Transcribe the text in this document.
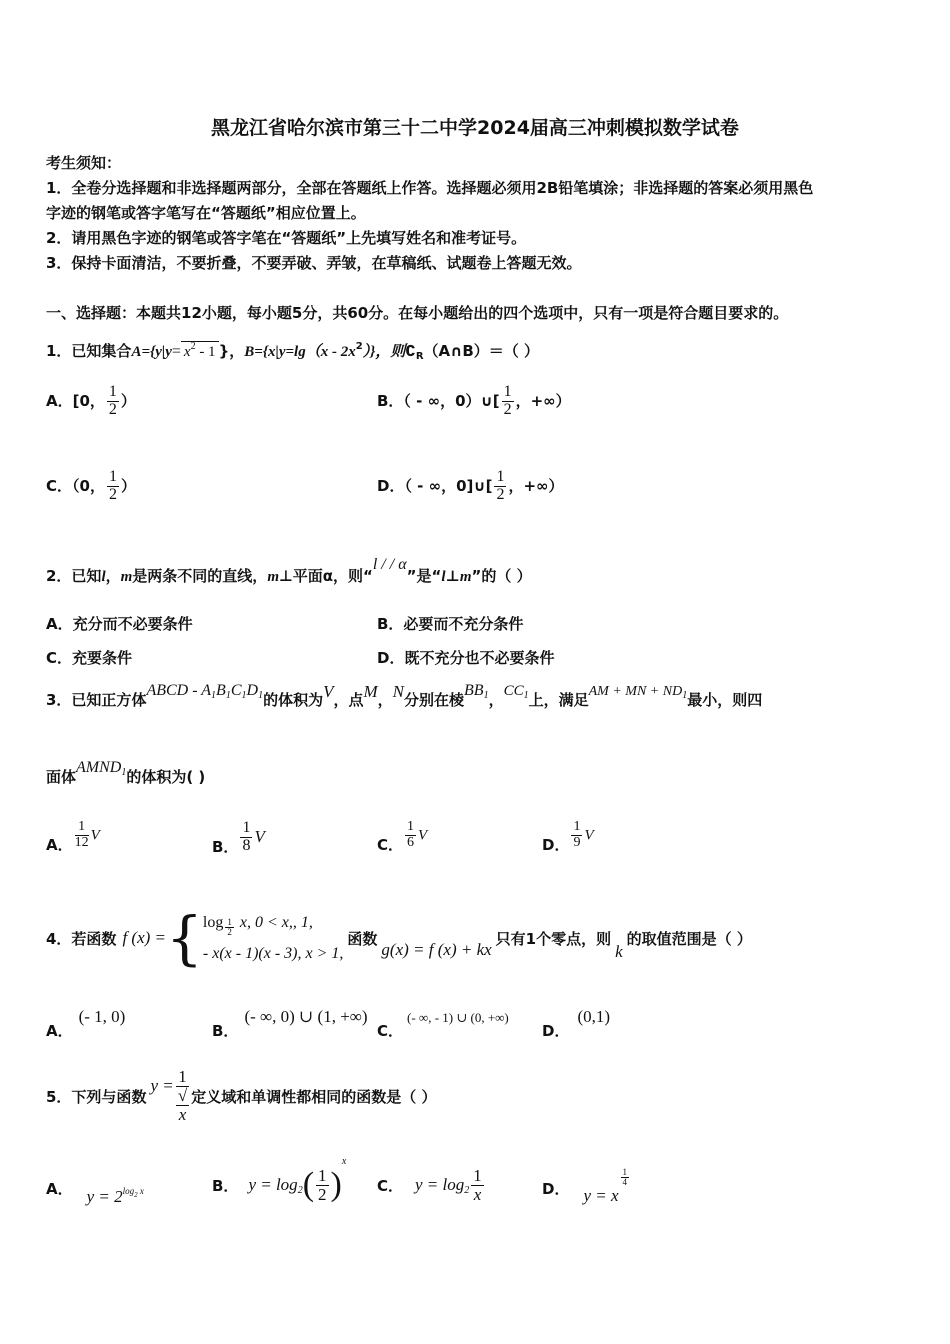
黑龙江省哈尔滨市第三十二中学2024届高三冲刺模拟数学试卷
考生须知：
1．全卷分选择题和非选择题两部分，全部在答题纸上作答。选择题必须用2B铅笔填涂；非选择题的答案必须用黑色
字迹的钢笔或答字笔写在“答题纸”相应位置上。
2．请用黑色字迹的钢笔或答字笔在“答题纸”上先填写姓名和准考证号。
3．保持卡面清洁，不要折叠，不要弄破、弄皱，在草稿纸、试题卷上答题无效。
一、选择题：本题共12小题，每小题5分，共60分。在每小题给出的四个选项中，只有一项是符合题目要求的。
1．已知集合$A=\{y|y= x^2 - 1$ }，$B=\{x|y=\lg(x - 2x^2)\}$，则$∁_R(A\cap B)=$（ ）
A．[0， $\frac{1}{2}$ ）	B．（ - ∞，0）∪[ $\frac{1}{2}$ ，+∞）
C．（0， $\frac{1}{2}$ ）	D．（ - ∞，0]∪[ $\frac{1}{2}$ ，+∞）
2．已知l，m是两条不同的直线，m⊥平面α，则“l / / α”是“l⊥m”的（ ）
A．充分而不必要条件	B．必要而不充分条件
C．充要条件	D．既不充分也不必要条件
3．已知正方体ABCD - $A_1B_1C_1D_1$的体积为V，点M，N分别在棱$BB_1$，$CC_1$上，满足AM + MN + $ND_1$最小，则四
面体$AMND_1$的体积为( )
A． $\frac{1}{12}$ V
B． $\frac{1}{8}$ V	C． $\frac{1}{6}$ V	D． $\frac{1}{9}$ V
4．若函数 f (x) = { $\log \frac{1}{2} x$, 0 < x,, 1,
- x(x - 1)(x - 3), x > 1,
函数
g(x) = f (x) + kx
只有1个零点，则
k
的取值范围是（ ）
A．(- 1, 0)
B．(- ∞, 0) ∪ (1, +∞)
C．(- ∞, - 1) ∪ (0, +∞)
D．(0,1)
5．下列与函数
y = 1
√
x 定义域和单调性都相同的函数是（ ）
A． $y = 2^{log2}$ $^x$	B． $y = \log_2$ ( $\frac{1}{2}$ )
x
C． $y = \log_2 \frac{1}{x}$	D． y = x
$\frac{1}{4}$
